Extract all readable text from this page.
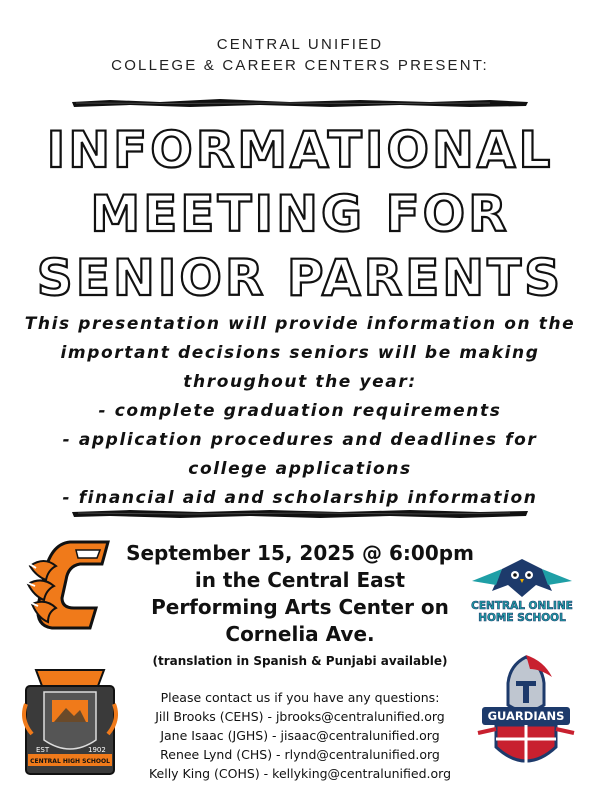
CENTRAL UNIFIED
COLLEGE & CAREER CENTERS PRESENT:
INFORMATIONAL
MEETING FOR
SENIOR PARENTS
This presentation will provide information on the
important decisions seniors will be making
throughout the year:
- complete graduation requirements
- application procedures and deadlines for
college applications
- financial aid and scholarship information
September 15, 2025 @ 6:00pm
in the Central East
Performing Arts Center on
Cornelia Ave.
(translation in Spanish & Punjabi available)
Please contact us if you have any questions:
Jill Brooks (CEHS) - jbrooks@centralunified.org
Jane Isaac (JGHS) - jisaac@centralunified.org
Renee Lynd (CHS) - rlynd@centralunified.org
Kelly King (COHS) - kellyking@centralunified.org
CENTRAL ONLINE
HOME SCHOOL
CENTRAL HIGH SCHOOL
EST	1902
GUARDIANS
